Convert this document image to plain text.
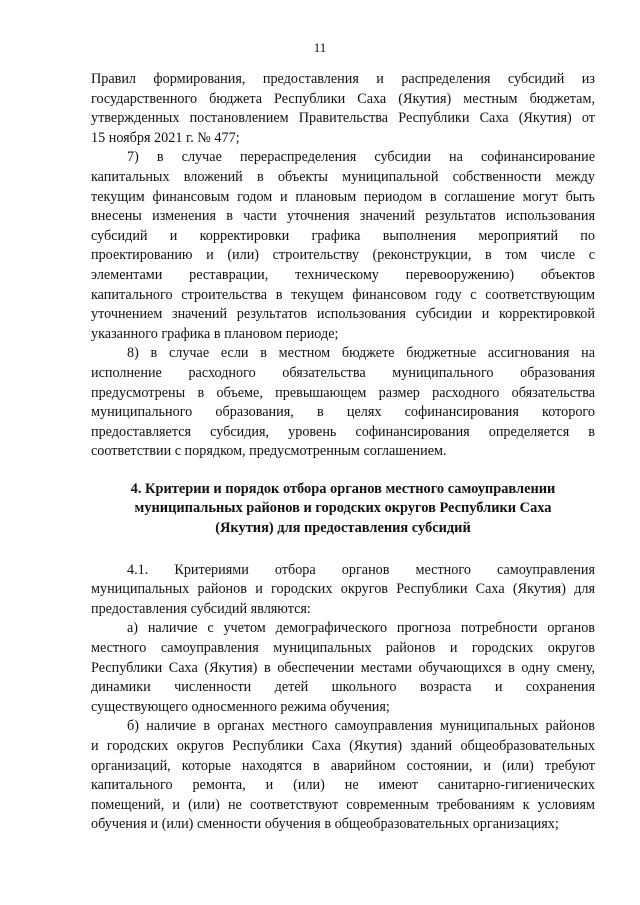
11
Правил формирования, предоставления и распределения субсидий из
государственного бюджета Республики Саха (Якутия) местным бюджетам,
утвержденных постановлением Правительства Республики Саха (Якутия) от
15 ноября 2021 г. № 477;
7) в случае перераспределения субсидии на софинансирование
капитальных вложений в объекты муниципальной собственности между
текущим финансовым годом и плановым периодом в соглашение могут быть
внесены изменения в части уточнения значений результатов использования
субсидий и корректировки графика выполнения мероприятий по
проектированию и (или) строительству (реконструкции, в том числе с
элементами реставрации, техническому перевооружению) объектов
капитального строительства в текущем финансовом году с соответствующим
уточнением значений результатов использования субсидии и корректировкой
указанного графика в плановом периоде;
8) в случае если в местном бюджете бюджетные ассигнования на
исполнение расходного обязательства муниципального образования
предусмотрены в объеме, превышающем размер расходного обязательства
муниципального образования, в целях софинансирования которого
предоставляется субсидия, уровень софинансирования определяется в
соответствии с порядком, предусмотренным соглашением.
4. Критерии и порядок отбора органов местного самоуправлении
муниципальных районов и городских округов Республики Саха
(Якутия) для предоставления субсидий
4.1. Критериями отбора органов местного самоуправления
муниципальных районов и городских округов Республики Саха (Якутия) для
предоставления субсидий являются:
а) наличие с учетом демографического прогноза потребности органов
местного самоуправления муниципальных районов и городских округов
Республики Саха (Якутия) в обеспечении местами обучающихся в одну смену,
динамики численности детей школьного возраста и сохранения
существующего односменного режима обучения;
б) наличие в органах местного самоуправления муниципальных районов
и городских округов Республики Саха (Якутия) зданий общеобразовательных
организаций, которые находятся в аварийном состоянии, и (или) требуют
капитального ремонта, и (или) не имеют санитарно-гигиенических
помещений, и (или) не соответствуют современным требованиям к условиям
обучения и (или) сменности обучения в общеобразовательных организациях;
